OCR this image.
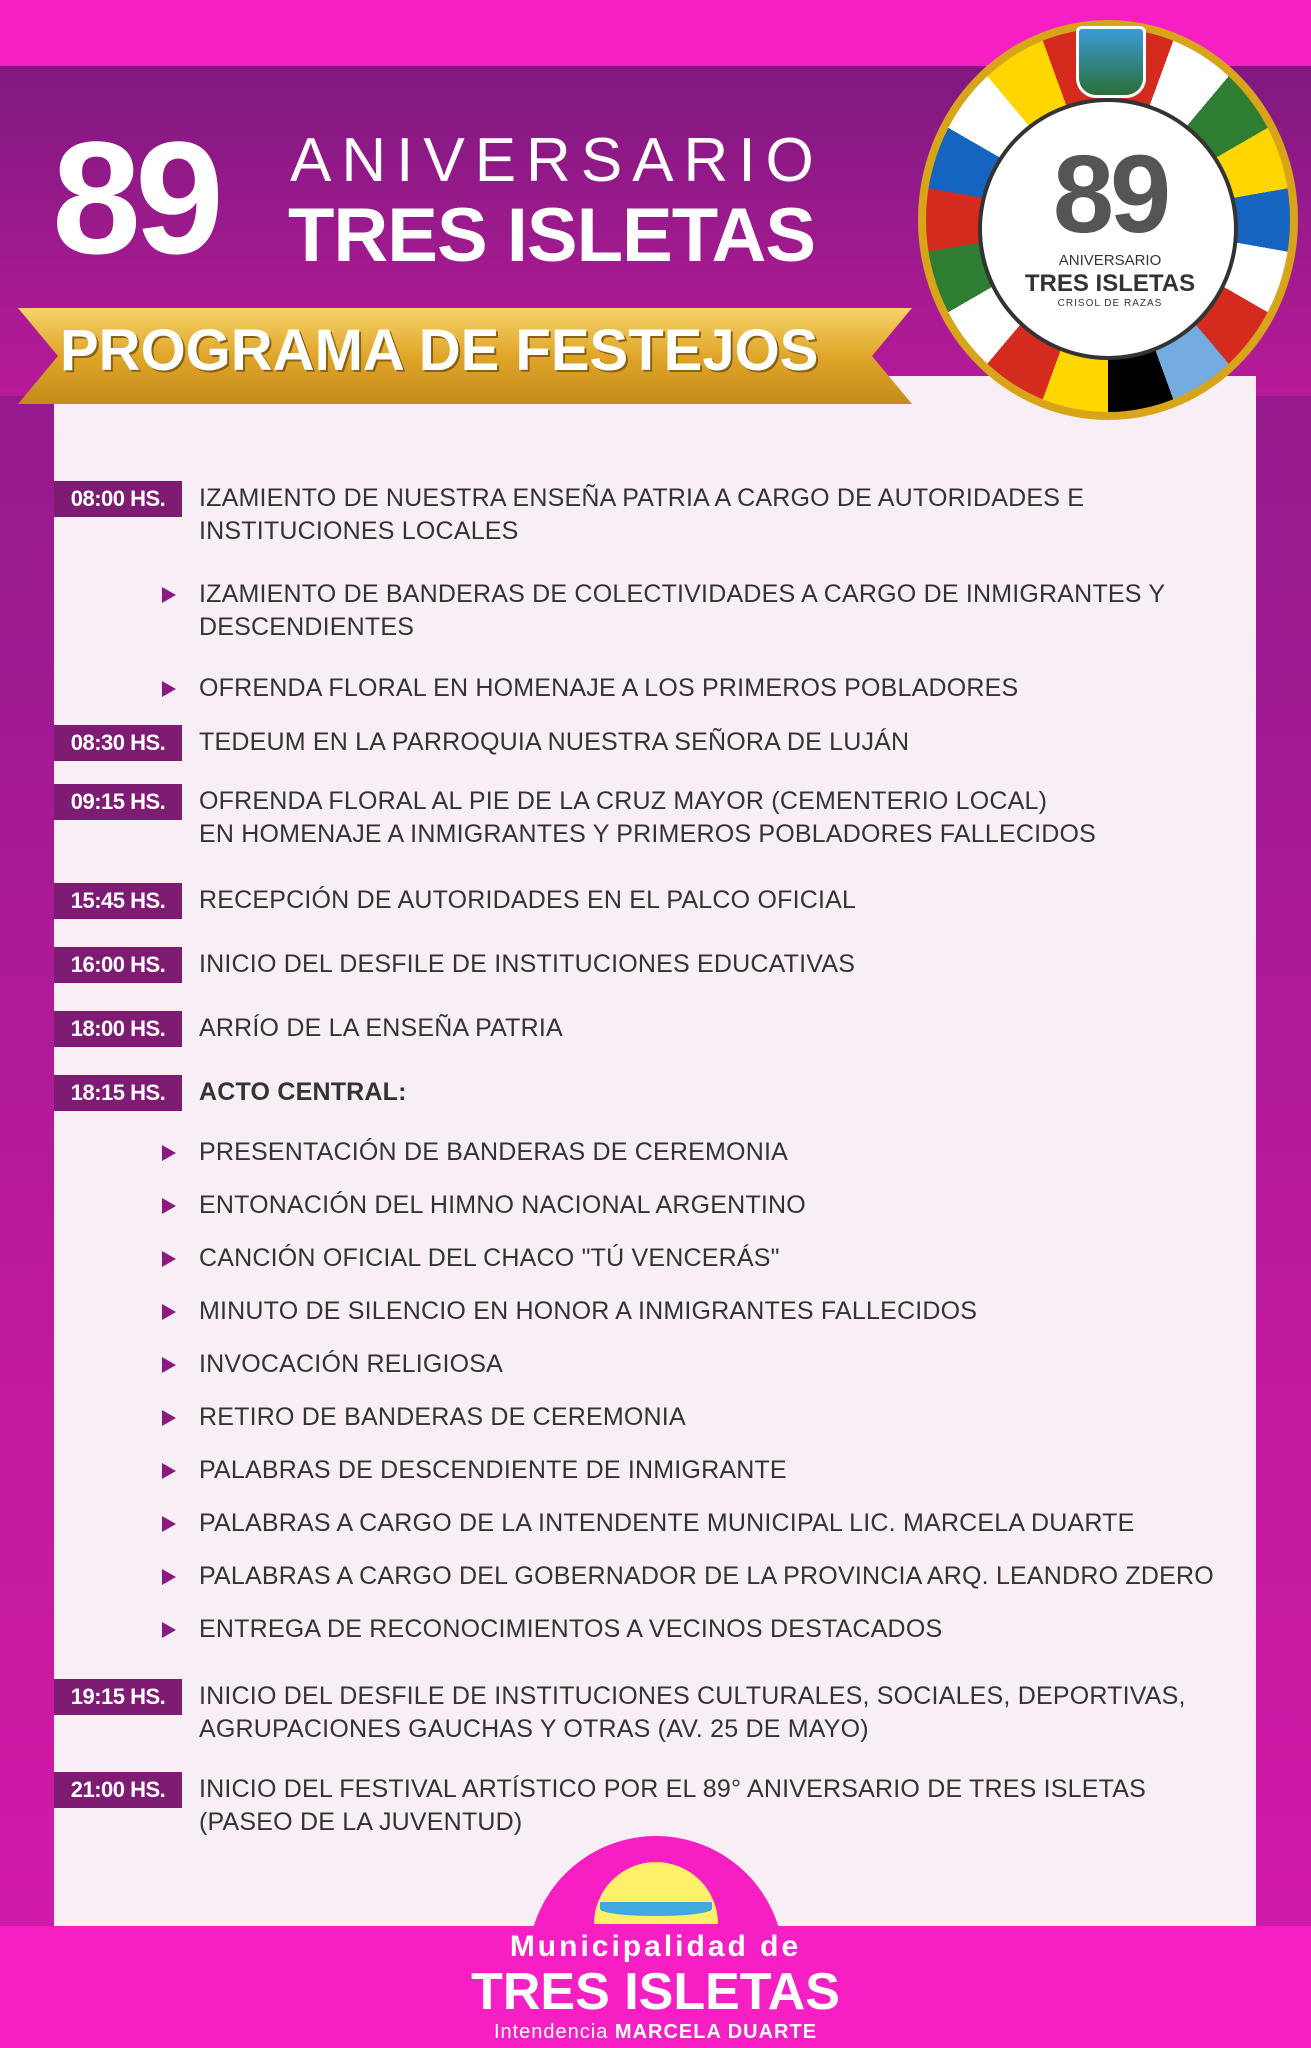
89 ANIVERSARIO
TRES ISLETAS
PROGRAMA DE FESTEJOS
89
ANIVERSARIO
TRES ISLETAS
CRISOL DE RAZAS
08:00 HS.	IZAMIENTO DE NUESTRA ENSEÑA PATRIA A CARGO DE AUTORIDADES E
INSTITUCIONES LOCALES
IZAMIENTO DE BANDERAS DE COLECTIVIDADES A CARGO DE INMIGRANTES Y
DESCENDIENTES
OFRENDA FLORAL EN HOMENAJE A LOS PRIMEROS POBLADORES
08:30 HS.	TEDEUM EN LA PARROQUIA NUESTRA SEÑORA DE LUJÁN
09:15 HS.	OFRENDA FLORAL AL PIE DE LA CRUZ MAYOR (CEMENTERIO LOCAL)
EN HOMENAJE A INMIGRANTES Y PRIMEROS POBLADORES FALLECIDOS
15:45 HS.	RECEPCIÓN DE AUTORIDADES EN EL PALCO OFICIAL
16:00 HS.	INICIO DEL DESFILE DE INSTITUCIONES EDUCATIVAS
18:00 HS.	ARRÍO DE LA ENSEÑA PATRIA
18:15 HS.	ACTO CENTRAL:
PRESENTACIÓN DE BANDERAS DE CEREMONIA
ENTONACIÓN DEL HIMNO NACIONAL ARGENTINO
CANCIÓN OFICIAL DEL CHACO "TÚ VENCERÁS"
MINUTO DE SILENCIO EN HONOR A INMIGRANTES FALLECIDOS
INVOCACIÓN RELIGIOSA
RETIRO DE BANDERAS DE CEREMONIA
PALABRAS DE DESCENDIENTE DE INMIGRANTE
PALABRAS A CARGO DE LA INTENDENTE MUNICIPAL LIC. MARCELA DUARTE
PALABRAS A CARGO DEL GOBERNADOR DE LA PROVINCIA ARQ. LEANDRO ZDERO
ENTREGA DE RECONOCIMIENTOS A VECINOS DESTACADOS
19:15 HS.	INICIO DEL DESFILE DE INSTITUCIONES CULTURALES, SOCIALES, DEPORTIVAS,
AGRUPACIONES GAUCHAS Y OTRAS (AV. 25 DE MAYO)
21:00 HS.	INICIO DEL FESTIVAL ARTÍSTICO POR EL 89° ANIVERSARIO DE TRES ISLETAS
(PASEO DE LA JUVENTUD)
Municipalidad de
TRES ISLETAS
Intendencia MARCELA DUARTE
